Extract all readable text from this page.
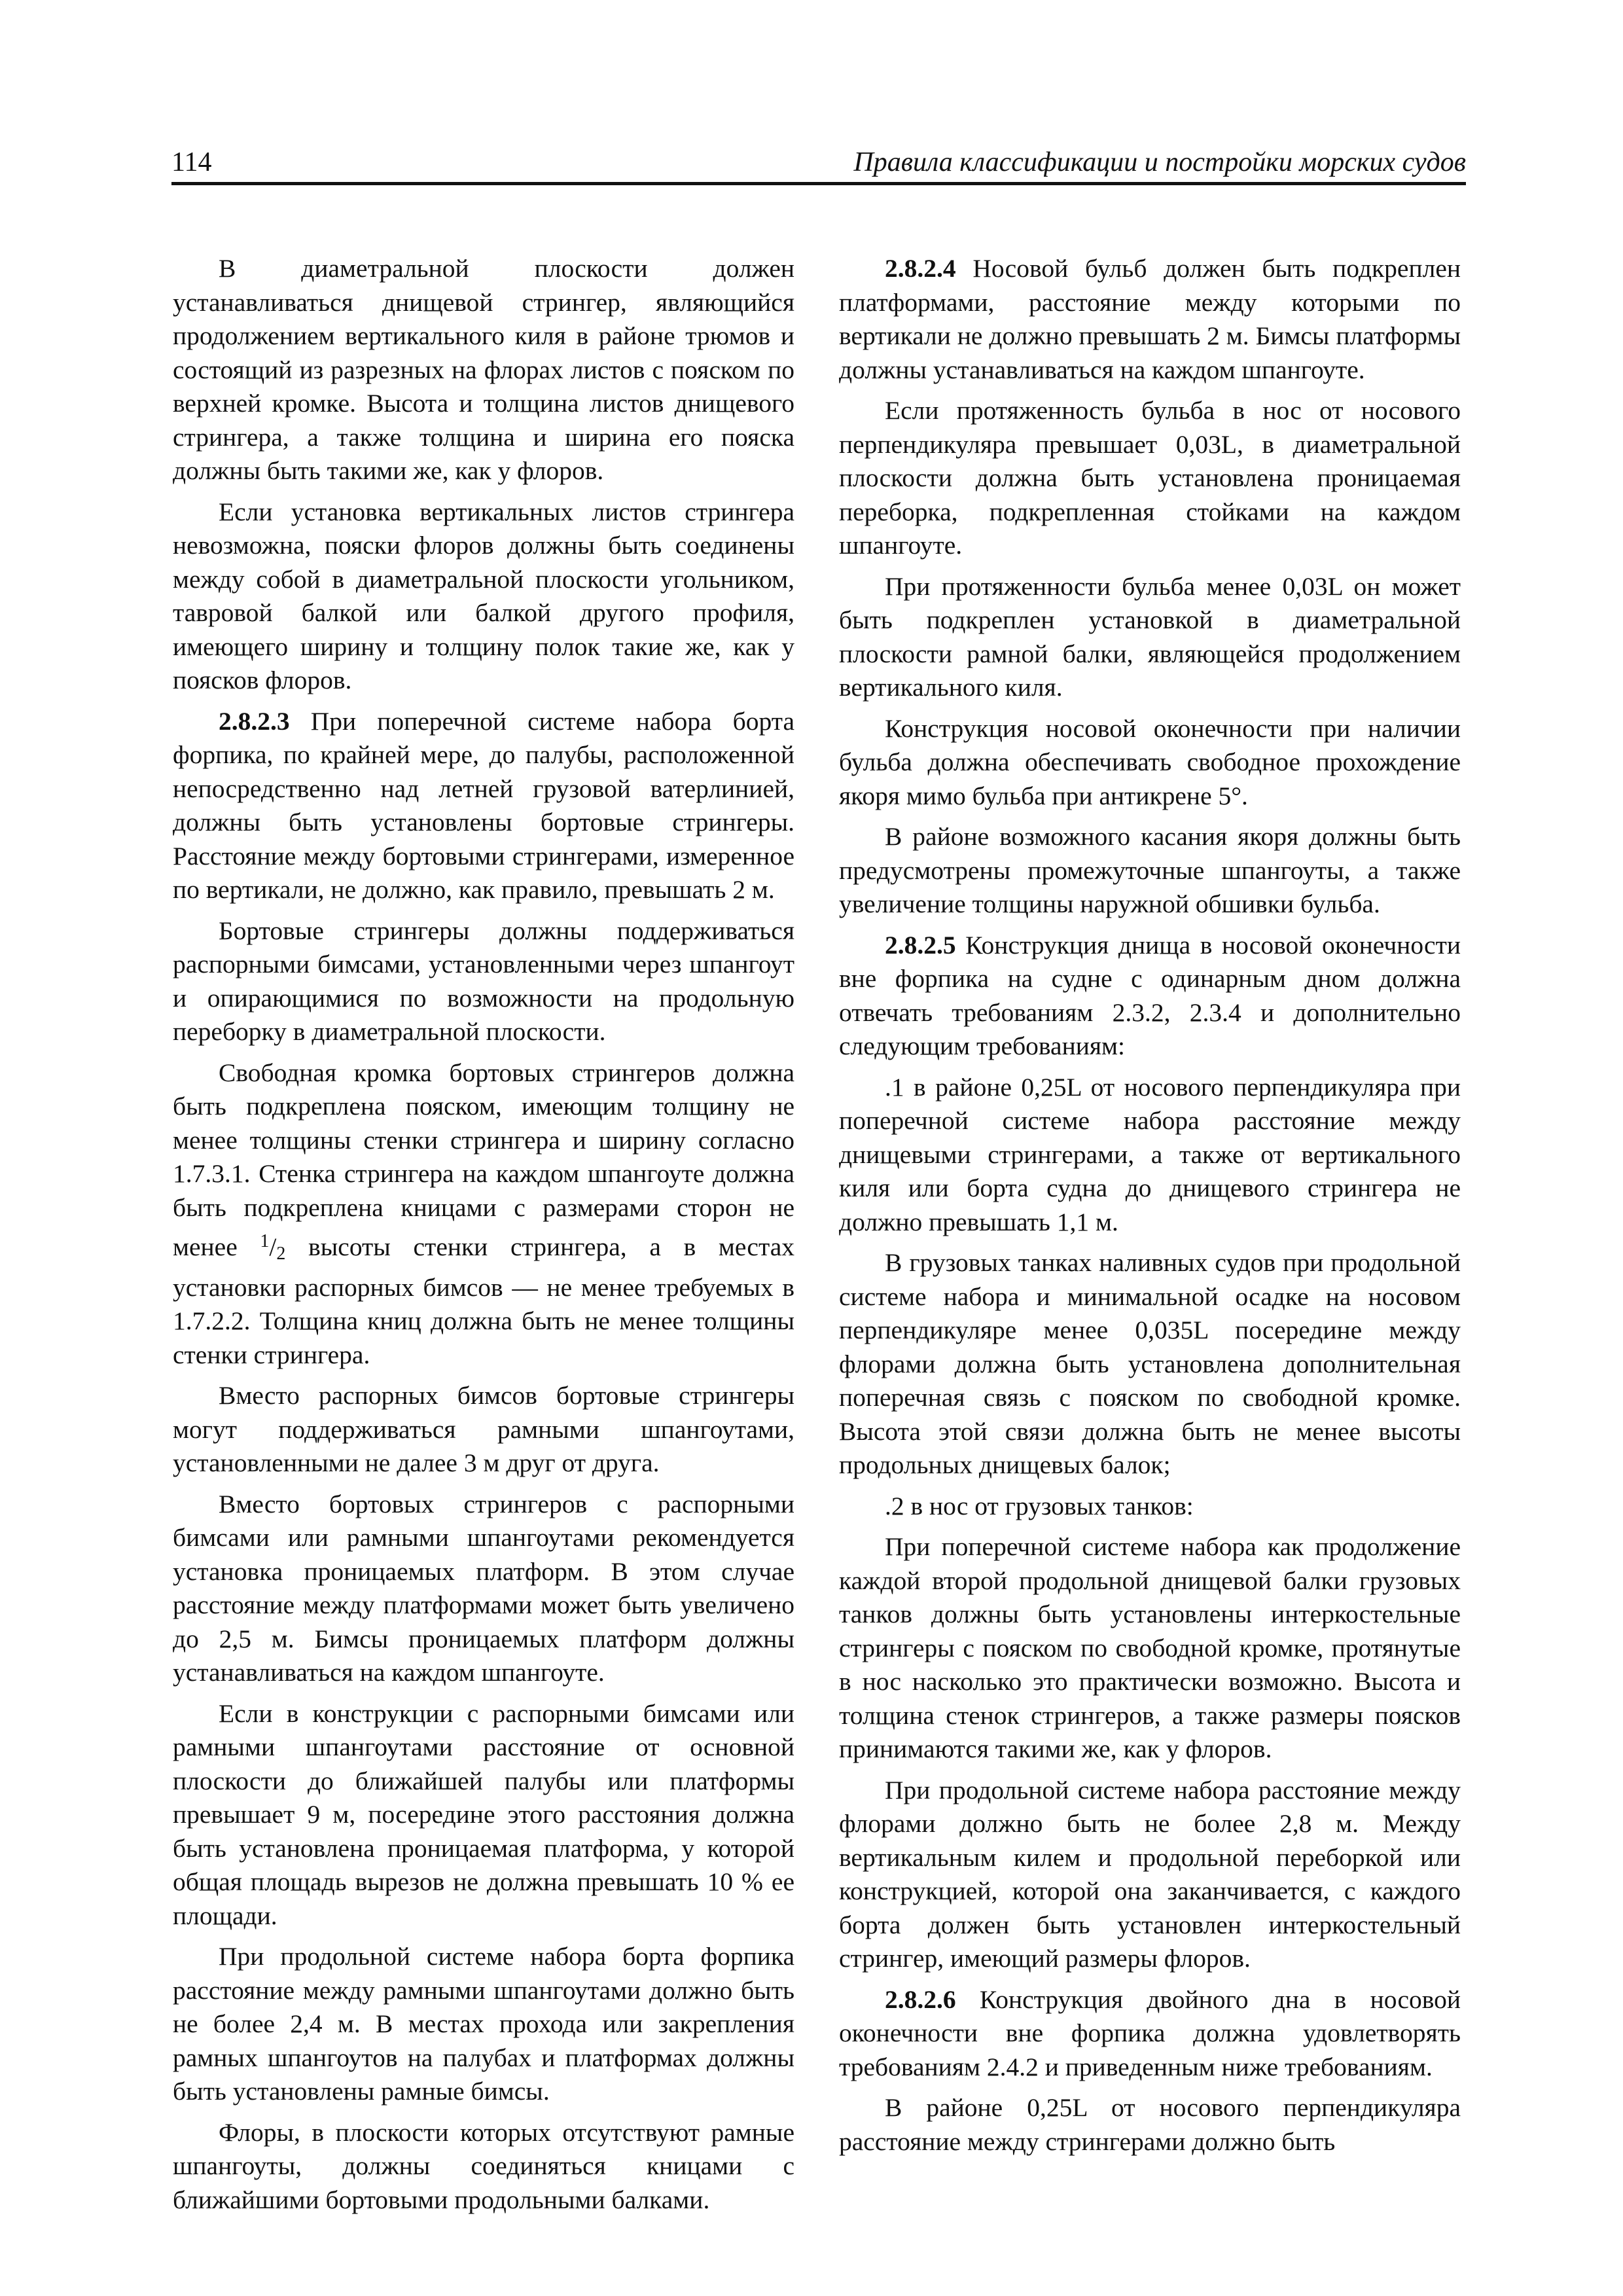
114	Правила классификации и постройки морских судов

В диаметральной плоскости должен устанавливаться днищевой стрингер, являющийся продолжением вертикального киля в районе трюмов и состоящий из разрезных на флорах листов с пояском по верхней кромке. Высота и толщина листов днищевого стрингера, а также толщина и ширина его пояска должны быть такими же, как у флоров.

Если установка вертикальных листов стрингера невозможна, пояски флоров должны быть соединены между собой в диаметральной плоскости угольником, тавровой балкой или балкой другого профиля, имеющего ширину и толщину полок такие же, как у поясков флоров.

2.8.2.3 При поперечной системе набора борта форпика, по крайней мере, до палубы, расположенной непосредственно над летней грузовой ватерлинией, должны быть установлены бортовые стрингеры. Расстояние между бортовыми стрингерами, измеренное по вертикали, не должно, как правило, превышать 2 м.

Бортовые стрингеры должны поддерживаться распорными бимсами, установленными через шпангоут и опирающимися по возможности на продольную переборку в диаметральной плоскости.

Свободная кромка бортовых стрингеров должна быть подкреплена пояском, имеющим толщину не менее толщины стенки стрингера и ширину согласно 1.7.3.1. Стенка стрингера на каждом шпангоуте должна быть подкреплена кницами с размерами сторон не менее $^1/_2$ высоты стенки стрингера, а в местах установки распорных бимсов — не менее требуемых в 1.7.2.2. Толщина книц должна быть не менее толщины стенки стрингера.

Вместо распорных бимсов бортовые стрингеры могут поддерживаться рамными шпангоутами, установленными не далее 3 м друг от друга.

Вместо бортовых стрингеров с распорными бимсами или рамными шпангоутами рекомендуется установка проницаемых платформ. В этом случае расстояние между платформами может быть увеличено до 2,5 м. Бимсы проницаемых платформ должны устанавливаться на каждом шпангоуте.

Если в конструкции с распорными бимсами или рамными шпангоутами расстояние от основной плоскости до ближайшей палубы или платформы превышает 9 м, посередине этого расстояния должна быть установлена проницаемая платформа, у которой общая площадь вырезов не должна превышать 10 % ее площади.

При продольной системе набора борта форпика расстояние между рамными шпангоутами должно быть не более 2,4 м. В местах прохода или закрепления рамных шпангоутов на палубах и платформах должны быть установлены рамные бимсы.

Флоры, в плоскости которых отсутствуют рамные шпангоуты, должны соединяться кницами с ближайшими бортовыми продольными балками.

2.8.2.4 Носовой бульб должен быть подкреплен платформами, расстояние между которыми по вертикали не должно превышать 2 м. Бимсы платформы должны устанавливаться на каждом шпангоуте.

Если протяженность бульба в нос от носового перпендикуляра превышает 0,03L, в диаметральной плоскости должна быть установлена проницаемая переборка, подкрепленная стойками на каждом шпангоуте.

При протяженности бульба менее 0,03L он может быть подкреплен установкой в диаметральной плоскости рамной балки, являющейся продолжением вертикального киля.

Конструкция носовой оконечности при наличии бульба должна обеспечивать свободное прохождение якоря мимо бульба при антикрене 5°.

В районе возможного касания якоря должны быть предусмотрены промежуточные шпангоуты, а также увеличение толщины наружной обшивки бульба.

2.8.2.5 Конструкция днища в носовой оконечности вне форпика на судне с одинарным дном должна отвечать требованиям 2.3.2, 2.3.4 и дополнительно следующим требованиям:

.1 в районе 0,25L от носового перпендикуляра при поперечной системе набора расстояние между днищевыми стрингерами, а также от вертикального киля или борта судна до днищевого стрингера не должно превышать 1,1 м.

В грузовых танках наливных судов при продольной системе набора и минимальной осадке на носовом перпендикуляре менее 0,035L посередине между флорами должна быть установлена дополнительная поперечная связь с пояском по свободной кромке. Высота этой связи должна быть не менее высоты продольных днищевых балок;

.2 в нос от грузовых танков:

При поперечной системе набора как продолжение каждой второй продольной днищевой балки грузовых танков должны быть установлены интеркостельные стрингеры с пояском по свободной кромке, протянутые в нос насколько это практически возможно. Высота и толщина стенок стрингеров, а также размеры поясков принимаются такими же, как у флоров.

При продольной системе набора расстояние между флорами должно быть не более 2,8 м. Между вертикальным килем и продольной переборкой или конструкцией, которой она заканчивается, с каждого борта должен быть установлен интеркостельный стрингер, имеющий размеры флоров.

2.8.2.6 Конструкция двойного дна в носовой оконечности вне форпика должна удовлетворять требованиям 2.4.2 и приведенным ниже требованиям.

В районе 0,25L от носового перпендикуляра расстояние между стрингерами должно быть
